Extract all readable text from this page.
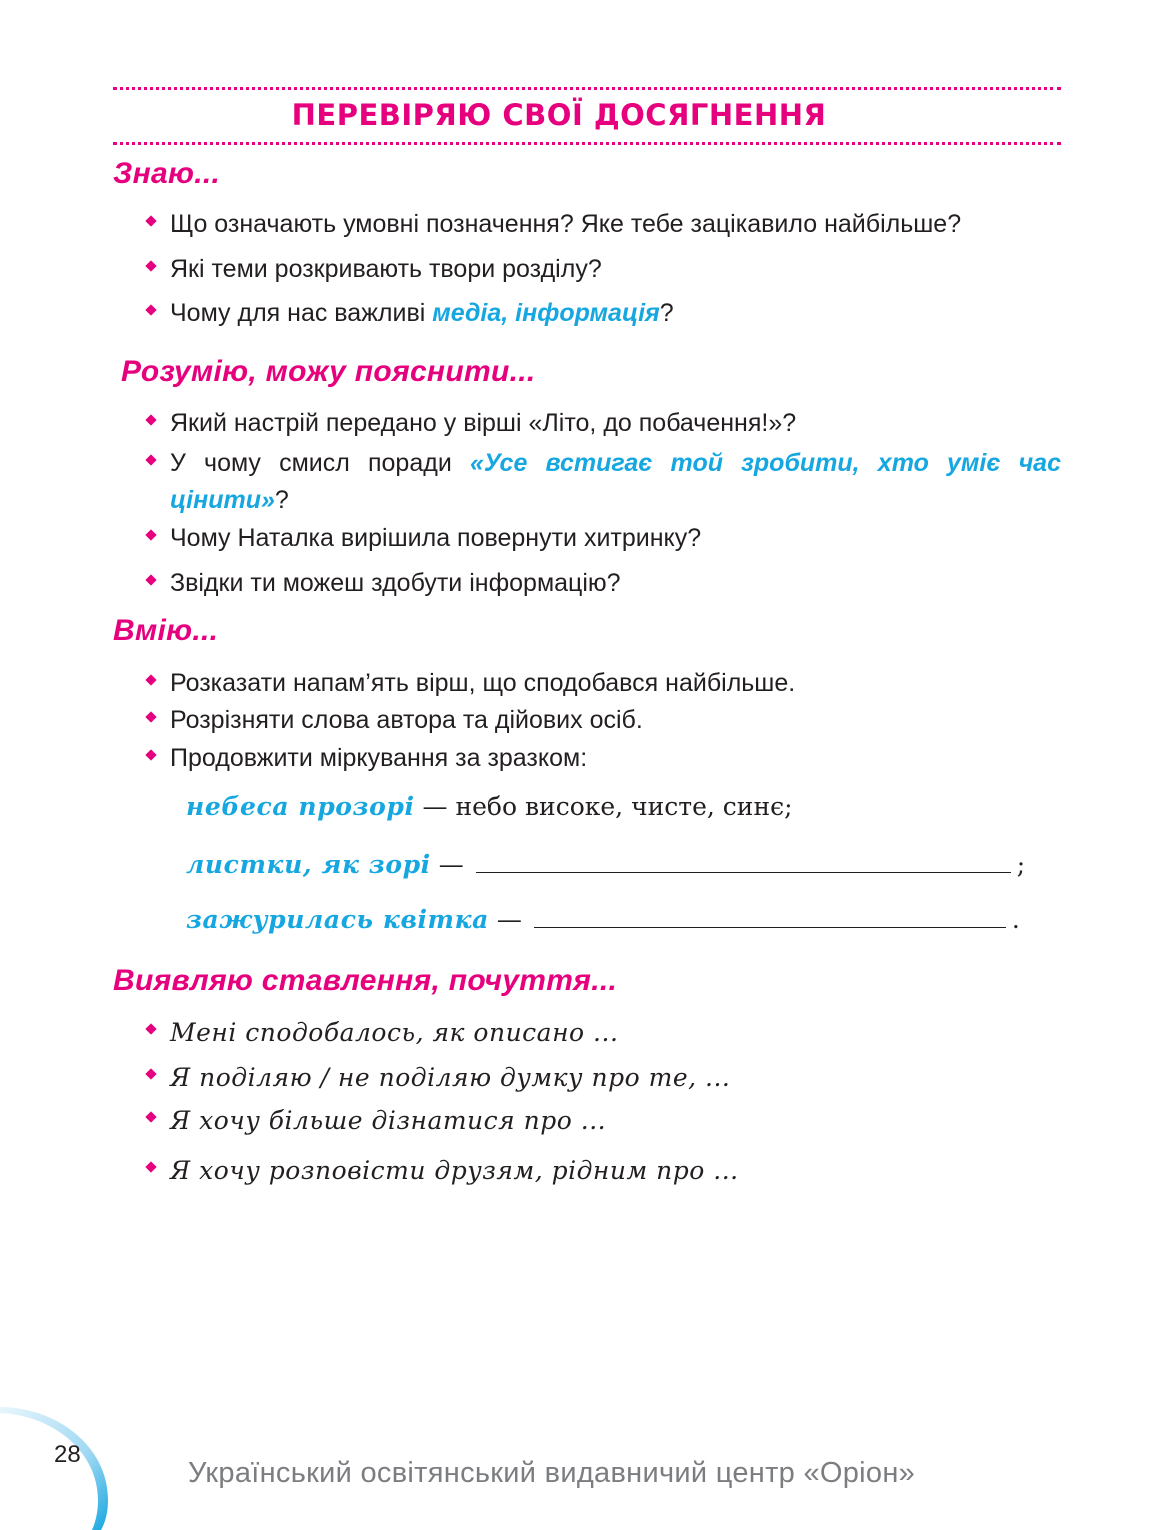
ПЕРЕВІРЯЮ СВОЇ ДОСЯГНЕННЯ
Знаю...
Що означають умовні позначення? Яке тебе зацікавило найбільше?
Які теми розкривають твори розділу?
Чому для нас важливі медіа, інформація?
Розумію, можу пояснити...
Який настрій передано у вірші «Літо, до побачення!»?
У чому смисл поради «Усе встигає той зробити, хто уміє час цінити»?
Чому Наталка вирішила повернути хитринку?
Звідки ти можеш здобути інформацію?
Вмію...
Розказати напам’ять вірш, що сподобався найбільше.
Розрізняти слова автора та дійових осіб.
Продовжити міркування за зразком:
небеса прозорі — небо високе, чисте, синє;
листки, як зорі —	;
зажурилась квітка —	.
Виявляю ставлення, почуття...
Мені сподобалось, як описано ...
Я поділяю / не поділяю думку про те, ...
Я хочу більше дізнатися про ...
Я хочу розповісти друзям, рідним про ...
28
Український освітянський видавничий центр «Оріон»
